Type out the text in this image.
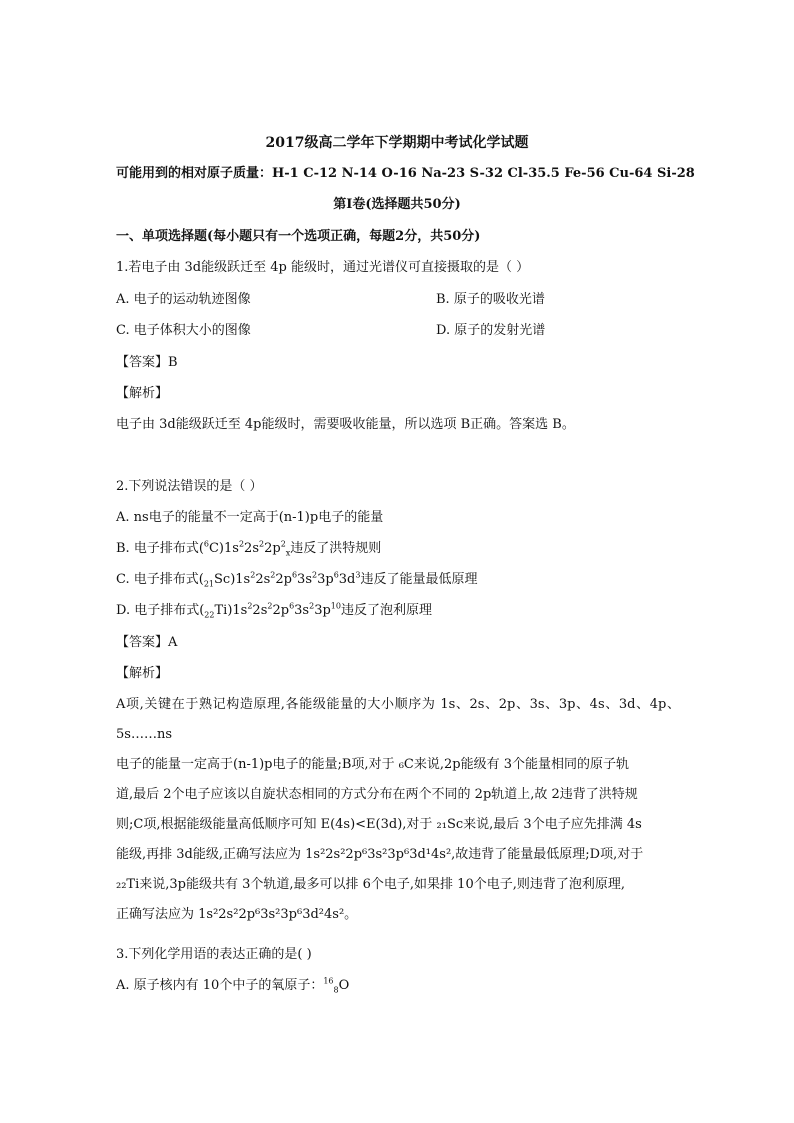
2017级高二学年下学期期中考试化学试题
可能用到的相对原子质量：H-1 C-12 N-14 O-16 Na-23 S-32 Cl-35.5 Fe-56 Cu-64 Si-28
第Ⅰ卷(选择题共50分)
一、单项选择题(每小题只有一个选项正确，每题2分，共50分)
1.若电子由 3d能级跃迁至 4p 能级时，通过光谱仪可直接摄取的是（ ）
A. 电子的运动轨迹图像	B. 原子的吸收光谱
C. 电子体积大小的图像	D. 原子的发射光谱
【答案】B
【解析】
电子由 3d能级跃迁至 4p能级时，需要吸收能量，所以选项 B正确。答案选 B。
2.下列说法错误的是（ ）
A. ns电子的能量不一定高于(n-1)p电子的能量
B. 电子排布式$(^6C)1s^22s^22p^2_x$违反了洪特规则
C. 电子排布式$(_{21}Sc)1s^22s^22p^63s^23p^63d^3$违反了能量最低原理
D. 电子排布式$(_{22}Ti)1s^22s^22p^63s^23p^{10}$违反了泡利原理
【答案】A
【解析】

A项,关键在于熟记构造原理,各能级能量的大小顺序为 1s、2s、2p、3s、3p、4s、3d、4p、5s……ns

电子的能量一定高于(n-1)p电子的能量;B项,对于 ₆C来说,2p能级有 3个能量相同的原子轨

道,最后 2个电子应该以自旋状态相同的方式分布在两个不同的 2p轨道上,故 2违背了洪特规

则;C项,根据能级能量高低顺序可知 E(4s)<E(3d),对于 ₂₁Sc来说,最后 3个电子应先排满 4s

能级,再排 3d能级,正确写法应为 1s²2s²2p⁶3s²3p⁶3d¹4s²,故违背了能量最低原理;D项,对于

₂₂Ti来说,3p能级共有 3个轨道,最多可以排 6个电子,如果排 10个电子,则违背了泡利原理,

正确写法应为 1s²2s²2p⁶3s²3p⁶3d²4s²。

3.下列化学用语的表达正确的是( )
A. 原子核内有 10个中子的氧原子：$^{16}_8$O
